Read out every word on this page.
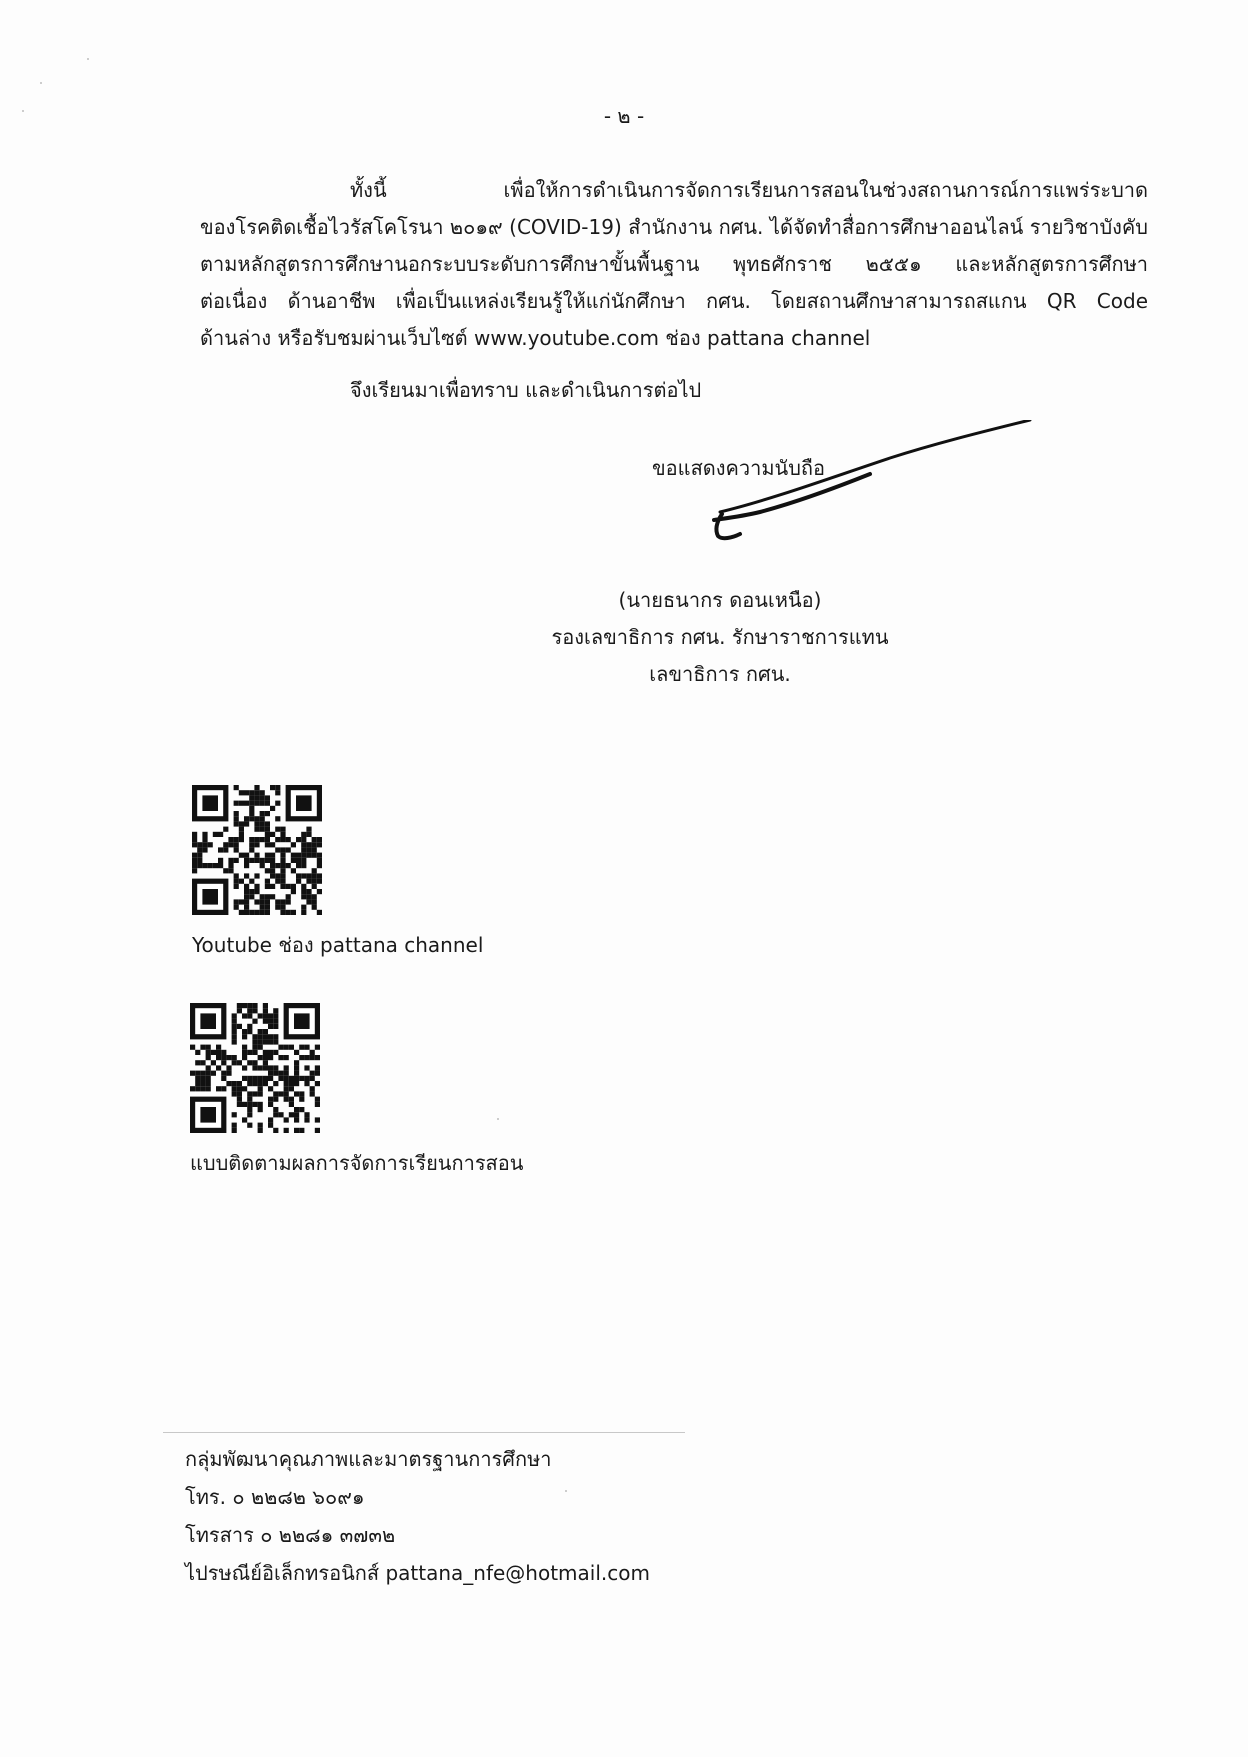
- ๒ -
ทั้งนี้ เพื่อให้การดำเนินการจัดการเรียนการสอนในช่วงสถานการณ์การแพร่ระบาด
ของโรคติดเชื้อไวรัสโคโรนา ๒๐๑๙ (COVID-19) สำนักงาน กศน. ได้จัดทำสื่อการศึกษาออนไลน์ รายวิชาบังคับ
ตามหลักสูตรการศึกษานอกระบบระดับการศึกษาขั้นพื้นฐาน พุทธศักราช ๒๕๕๑ และหลักสูตรการศึกษา
ต่อเนื่อง ด้านอาชีพ เพื่อเป็นแหล่งเรียนรู้ให้แก่นักศึกษา กศน. โดยสถานศึกษาสามารถสแกน QR Code
ด้านล่าง หรือรับชมผ่านเว็บไซต์ www.youtube.com ช่อง pattana channel
จึงเรียนมาเพื่อทราบ และดำเนินการต่อไป
ขอแสดงความนับถือ
(นายธนากร ดอนเหนือ)
รองเลขาธิการ กศน. รักษาราชการแทน
เลขาธิการ กศน.
Youtube ช่อง pattana channel
แบบติดตามผลการจัดการเรียนการสอน
กลุ่มพัฒนาคุณภาพและมาตรฐานการศึกษา
โทร. ๐ ๒๒๘๒ ๖๐๙๑
โทรสาร ๐ ๒๒๘๑ ๓๗๓๒
ไปรษณีย์อิเล็กทรอนิกส์ pattana_nfe@hotmail.com
